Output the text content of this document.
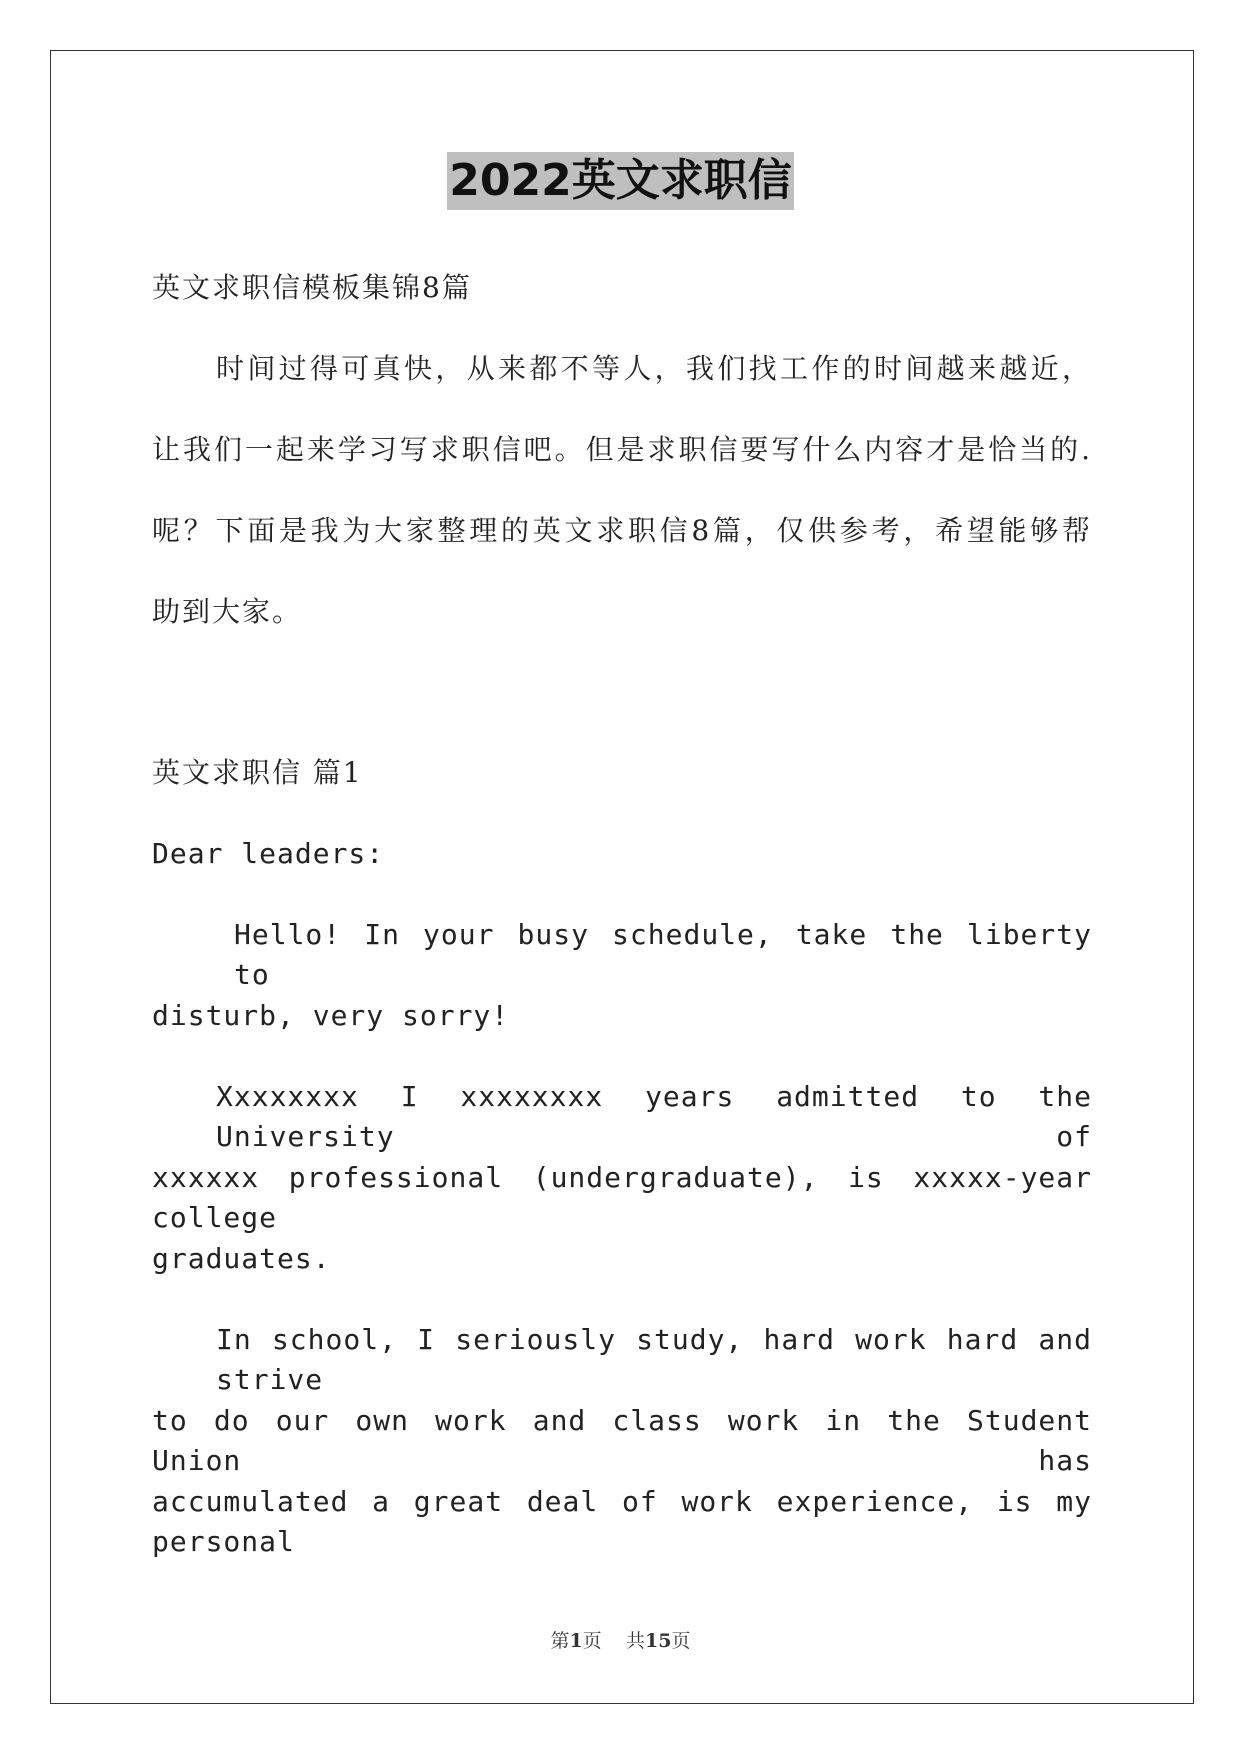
2022英文求职信
英文求职信模板集锦8篇
时间过得可真快，从来都不等人，我们找工作的时间越来越近，
让我们一起来学习写求职信吧。但是求职信要写什么内容才是恰当的.
呢？下面是我为大家整理的英文求职信8篇，仅供参考，希望能够帮
助到大家。
英文求职信 篇1
Dear leaders:
Hello! In your busy schedule, take the liberty to
disturb, very sorry!
Xxxxxxxx I xxxxxxxx years admitted to the University of
xxxxxx professional (undergraduate), is xxxxx-year college
graduates.
In school, I seriously study, hard work hard and strive
to do our own work and class work in the Student Union has
accumulated a great deal of work experience, is my personal
第1页 共15页
